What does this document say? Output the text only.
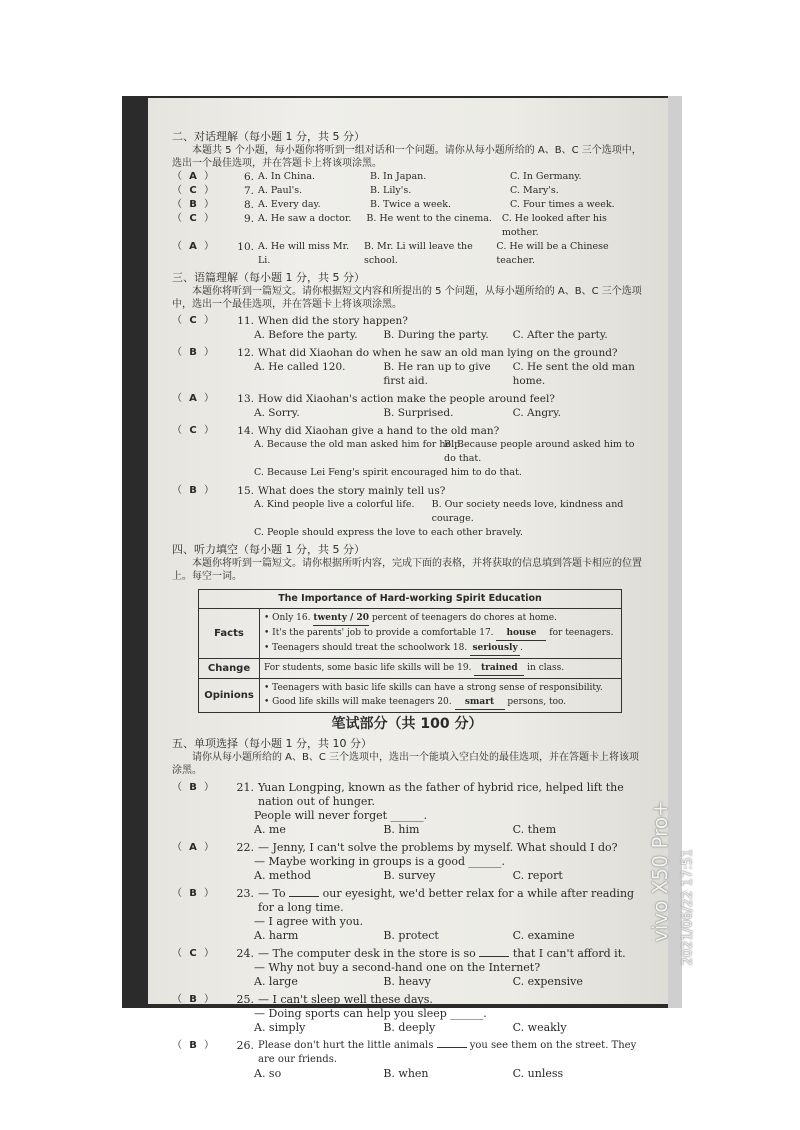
二、对话理解（每小题 1 分，共 5 分）
本题共 5 个小题，每小题你将听到一组对话和一个问题。请你从每小题所给的 A、B、C 三个选项中，选出一个最佳选项，并在答题卡上将该项涂黑。
（ A ）	6. A. In China.	B. In Japan.	C. In Germany.
（ C ）	7. A. Paul's.	B. Lily's.	C. Mary's.
（ B ）	8. A. Every day.	B. Twice a week.	C. Four times a week.
（ C ）	9. A. He saw a doctor.	B. He went to the cinema.	C. He looked after his mother.
（ A ）	10. A. He will miss Mr. Li.
B. Mr. Li will leave the school.
C. He will be a Chinese teacher.
三、语篇理解（每小题 1 分，共 5 分）
本题你将听到一篇短文。请你根据短文内容和所提出的 5 个问题，从每小题所给的 A、B、C 三个选项中，选出一个最佳选项，并在答题卡上将该项涂黑。
（ C ）	11. When did the story happen?
A. Before the party.	B. During the party.	C. After the party.
（ B ）	12. What did Xiaohan do when he saw an old man lying on the ground?
A. He called 120.	B. He ran up to give first aid.
C. He sent the old man home.
（ A ）	13. How did Xiaohan's action make the people around feel?
A. Sorry.	B. Surprised.	C. Angry.
（ C ）	14. Why did Xiaohan give a hand to the old man?
A. Because the old man asked him for help.
B. Because people around asked him to do that.
C. Because Lei Feng's spirit encouraged him to do that.
（ B ）	15. What does the story mainly tell us?
A. Kind people live a colorful life.	B. Our society needs love, kindness and courage.
C. People should express the love to each other bravely.
四、听力填空（每小题 1 分，共 5 分）
本题你将听到一篇短文。请你根据所听内容，完成下面的表格，并将获取的信息填到答题卡相应的位置上。每空一词。
The Importance of Hard-working Spirit Education	
Facts	• Only 16. twenty / 20 percent of teenagers do chores at home.
• It's the parents' job to provide a comfortable 17. house for teenagers.
• Teenagers should treat the schoolwork 18. seriously .

Change	For students, some basic life skills will be 19. trained in class.
Opinions	• Teenagers with basic life skills can have a strong sense of responsibility.
• Good life skills will make teenagers 20. smart persons, too.
笔试部分（共 100 分）
五、单项选择（每小题 1 分，共 10 分）
请你从每小题所给的 A、B、C 三个选项中，选出一个能填入空白处的最佳选项，并在答题卡上将该项涂黑。
（ B ）	21. Yuan Longping, known as the father of hybrid rice, helped lift the nation out of hunger.
People will never forget ______.
A. me	B. him	C. them
（ A ）	22. — Jenny, I can't solve the problems by myself. What should I do?
— Maybe working in groups is a good ______.
A. method	B. survey	C. report
（ B ）	23. — To	our eyesight, we'd better relax for a while after reading for a long time.
— I agree with you.
A. harm	B. protect	C. examine
（ C ）	24. — The computer desk in the store is so	that I can't afford it.
— Why not buy a second-hand one on the Internet?
A. large	B. heavy	C. expensive
（ B ）	25. — I can't sleep well these days.
— Doing sports can help you sleep ______.
A. simply	B. deeply	C. weakly
（ B ）	26. Please don't hurt the little animals	you see them on the street. They are our friends.
A. so	B. when	C. unless
vivo X50 Pro+ 2021/06/22 17:51
